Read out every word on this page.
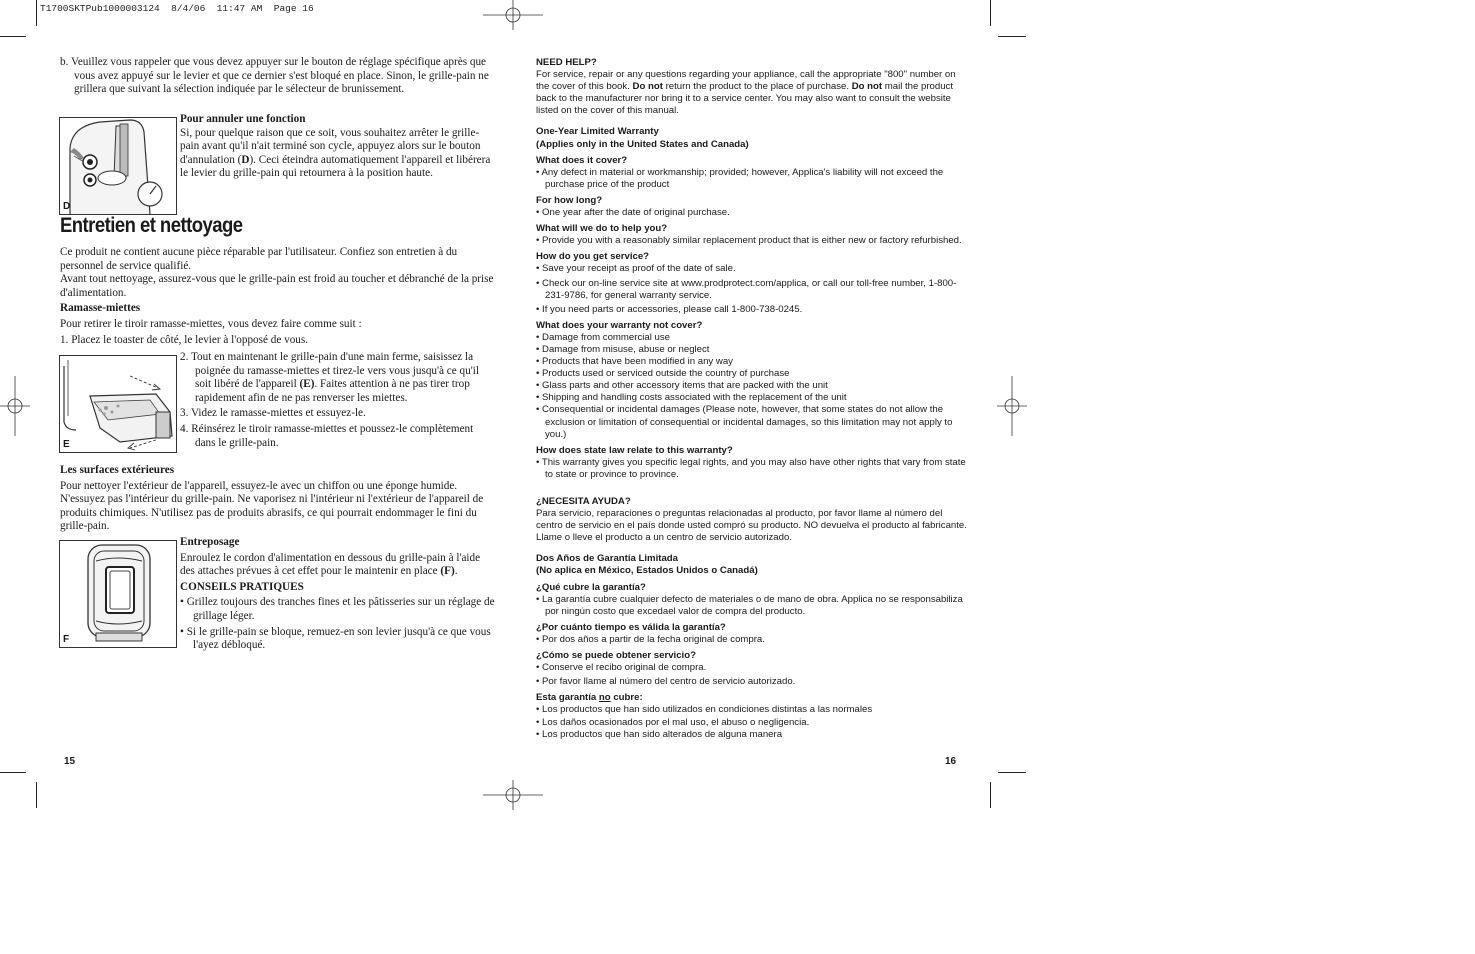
T1700SKTPub1000003124  8/4/06  11:47 AM  Page 16

b. Veuillez vous rappeler que vous devez appuyer sur le bouton de réglage spécifique après que vous avez appuyé sur le levier et que ce dernier s'est bloqué en place. Sinon, le grille-pain ne grillera que suivant la sélection indiquée par le sélecteur de brunissement.

D

Pour annuler une fonction

Si, pour quelque raison que ce soit, vous souhaitez arrêter le grille-pain avant qu'il n'ait terminé son cycle, appuyez alors sur le bouton d'annulation (D). Ceci éteindra automatiquement l'appareil et libérera le levier du grille-pain qui retournera à la position haute.

Entretien et nettoyage

Ce produit ne contient aucune pièce réparable par l'utilisateur. Confiez son entretien à du personnel de service qualifié.

Avant tout nettoyage, assurez-vous que le grille-pain est froid au toucher et débranché de la prise d'alimentation.

Ramasse-miettes

Pour retirer le tiroir ramasse-miettes, vous devez faire comme suit :

1. Placez le toaster de côté, le levier à l'opposé de vous.

E

2. Tout en maintenant le grille-pain d'une main ferme, saisissez la poignée du ramasse-miettes et tirez-le vers vous jusqu'à ce qu'il soit libéré de l'appareil (E). Faites attention à ne pas tirer trop rapidement afin de ne pas renverser les miettes.

3. Videz le ramasse-miettes et essuyez-le.

4. Réinsérez le tiroir ramasse-miettes et poussez-le complètement dans le grille-pain.

Les surfaces extérieures

Pour nettoyer l'extérieur de l'appareil, essuyez-le avec un chiffon ou une éponge humide. N'essuyez pas l'intérieur du grille-pain. Ne vaporisez ni l'intérieur ni l'extérieur de l'appareil de produits chimiques. N'utilisez pas de produits abrasifs, ce qui pourrait endommager le fini du grille-pain.

F

Entreposage

Enroulez le cordon d'alimentation en dessous du grille-pain à l'aide des attaches prévues à cet effet pour le maintenir en place (F).

CONSEILS PRATIQUES

• Grillez toujours des tranches fines et les pâtisseries sur un réglage de grillage léger.

• Si le grille-pain se bloque, remuez-en son levier jusqu'à ce que vous l'ayez débloqué.

15

NEED HELP?

For service, repair or any questions regarding your appliance, call the appropriate "800" number on the cover of this book. Do not return the product to the place of purchase. Do not mail the product back to the manufacturer nor bring it to a service center. You may also want to consult the website listed on the cover of this manual.

One-Year Limited Warranty

(Applies only in the United States and Canada)

What does it cover?

• Any defect in material or workmanship; provided; however, Applica's liability will not exceed the purchase price of the product

For how long?

• One year after the date of original purchase.

What will we do to help you?

• Provide you with a reasonably similar replacement product that is either new or factory refurbished.

How do you get service?

• Save your receipt as proof of the date of sale.

• Check our on-line service site at www.prodprotect.com/applica, or call our toll-free number, 1-800-231-9786, for general warranty service.

• If you need parts or accessories, please call 1-800-738-0245.

What does your warranty not cover?

• Damage from commercial use

• Damage from misuse, abuse or neglect

• Products that have been modified in any way

• Products used or serviced outside the country of purchase

• Glass parts and other accessory items that are packed with the unit

• Shipping and handling costs associated with the replacement of the unit

• Consequential or incidental damages (Please note, however, that some states do not allow the exclusion or limitation of consequential or incidental damages, so this limitation may not apply to you.)

How does state law relate to this warranty?

• This warranty gives you specific legal rights, and you may also have other rights that vary from state to state or province to province.

¿NECESITA AYUDA?

Para servicio, reparaciones o preguntas relacionadas al producto, por favor llame al número del centro de servicio en el país donde usted compró su producto. NO devuelva el producto al fabricante. Llame o lleve el producto a un centro de servicio autorizado.

Dos Años de Garantía Limitada

(No aplica en México, Estados Unidos o Canadá)

¿Qué cubre la garantía?

• La garantía cubre cualquier defecto de materiales o de mano de obra. Applica no se responsabiliza por ningún costo que excedael valor de compra del producto.

¿Por cuánto tiempo es válida la garantía?

• Por dos años a partir de la fecha original de compra.

¿Cómo se puede obtener servicio?

• Conserve el recibo original de compra.

• Por favor llame al número del centro de servicio autorizado.

Esta garantía no cubre:

• Los productos que han sido utilizados en condiciones distintas a las normales

• Los daños ocasionados por el mal uso, el abuso o negligencia.

• Los productos que han sido alterados de alguna manera

16
